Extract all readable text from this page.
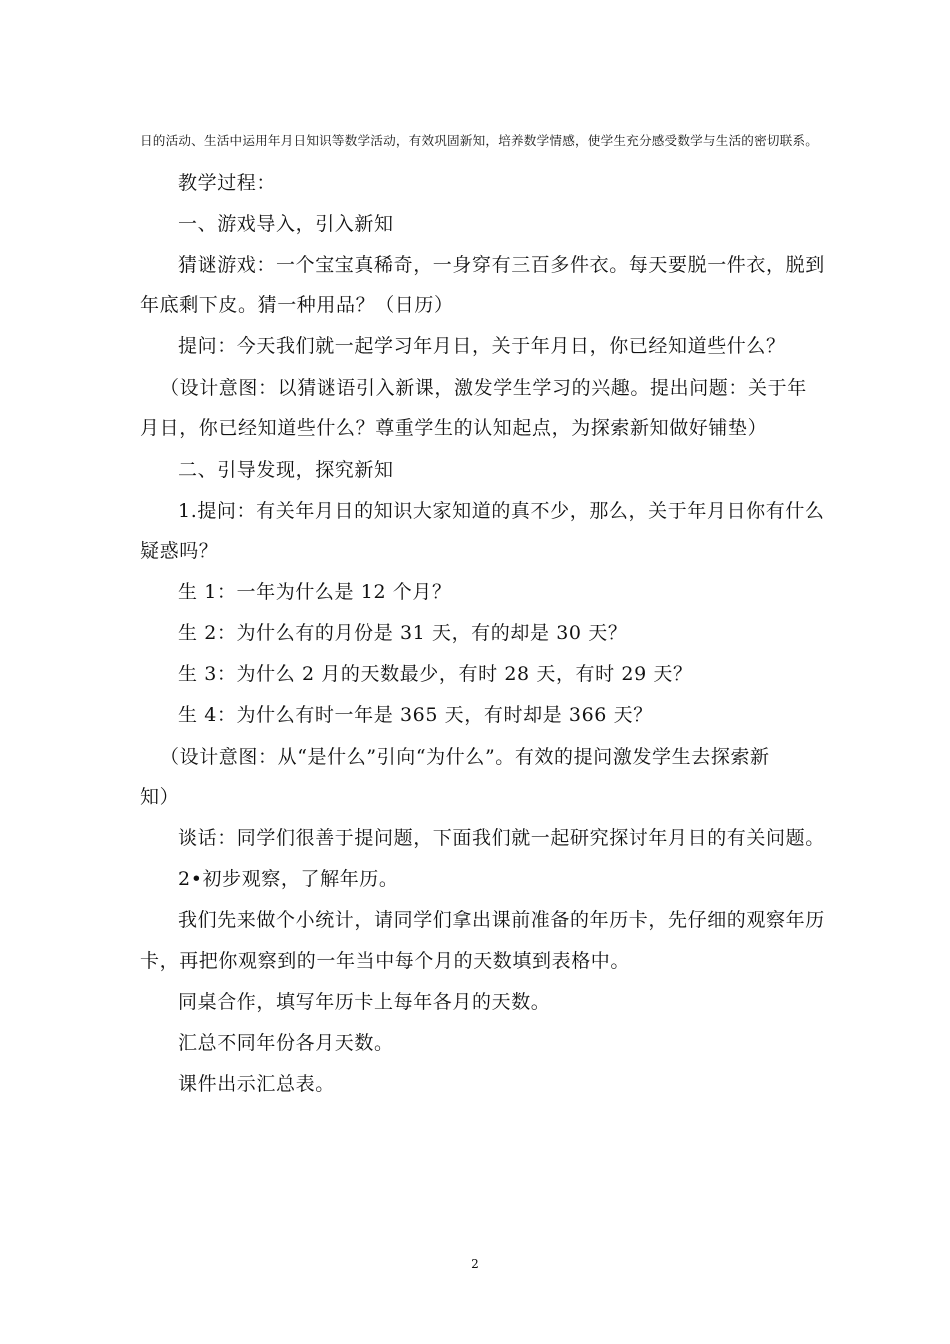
日的活动、生活中运用年月日知识等数学活动，有效巩固新知，培养数学情感，使学生充分感受数学与生活的密切联系。
教学过程：
一、游戏导入，引入新知
猜谜游戏：一个宝宝真稀奇，一身穿有三百多件衣。每天要脱一件衣，脱到
年底剩下皮。猜一种用品？（日历）
提问：今天我们就一起学习年月日，关于年月日，你已经知道些什么？
（设计意图：以猜谜语引入新课，激发学生学习的兴趣。提出问题：关于年
月日，你已经知道些什么？尊重学生的认知起点，为探索新知做好铺垫）
二、引导发现，探究新知
1.提问：有关年月日的知识大家知道的真不少，那么，关于年月日你有什么
疑惑吗？
生 1：一年为什么是 12 个月？
生 2：为什么有的月份是 31 天，有的却是 30 天？
生 3：为什么 2 月的天数最少，有时 28 天，有时 29 天？
生 4：为什么有时一年是 365 天，有时却是 366 天？
（设计意图：从“是什么”引向“为什么”。有效的提问激发学生去探索新
知）
谈话：同学们很善于提问题，下面我们就一起研究探讨年月日的有关问题。
2•初步观察，了解年历。
我们先来做个小统计，请同学们拿出课前准备的年历卡，先仔细的观察年历
卡，再把你观察到的一年当中每个月的天数填到表格中。
同桌合作，填写年历卡上每年各月的天数。
汇总不同年份各月天数。
课件出示汇总表。
2
